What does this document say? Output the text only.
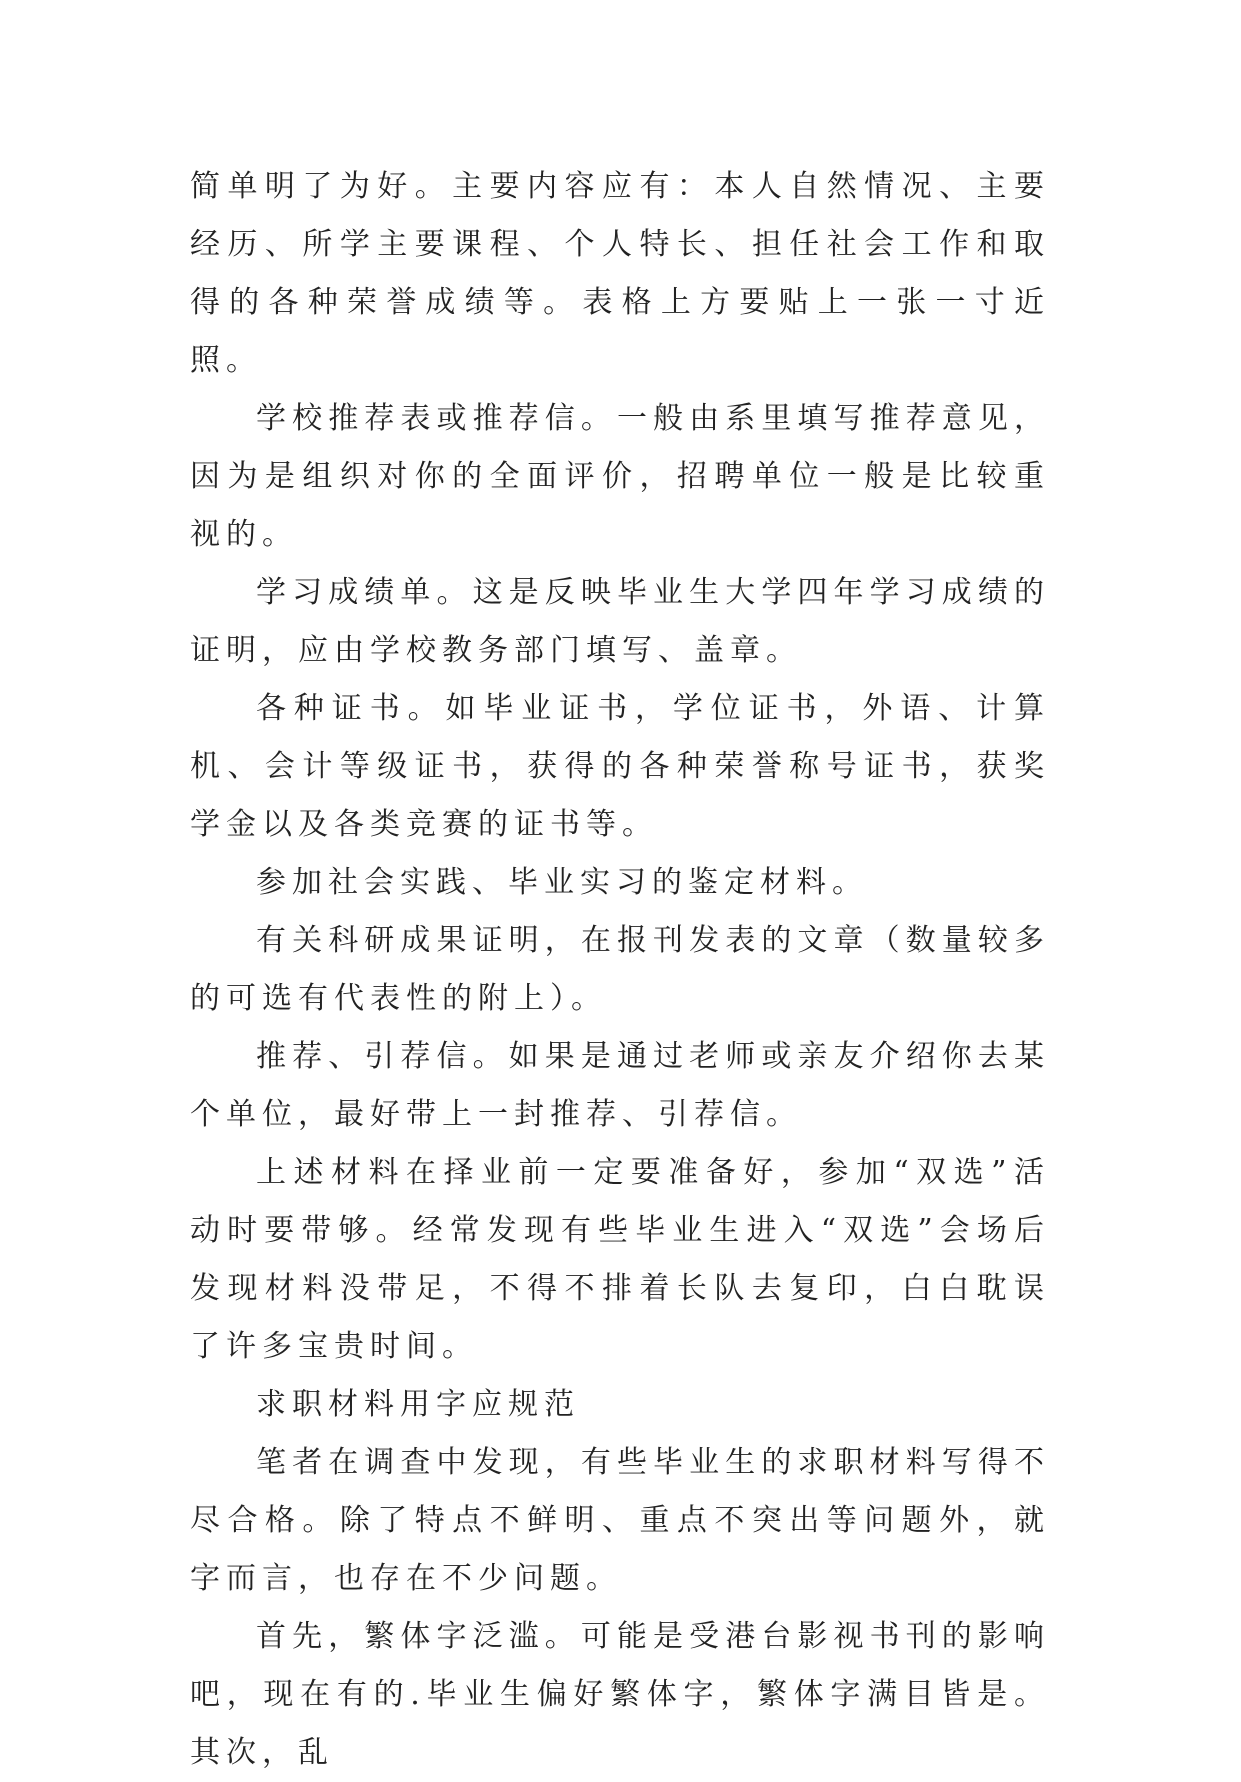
简单明了为好。主要内容应有：本人自然情况、主要经历、所学主要课程、个人特长、担任社会工作和取得的各种荣誉成绩等。表格上方要贴上一张一寸近照。

学校推荐表或推荐信。一般由系里填写推荐意见，因为是组织对你的全面评价，招聘单位一般是比较重视的。

学习成绩单。这是反映毕业生大学四年学习成绩的证明，应由学校教务部门填写、盖章。

各种证书。如毕业证书，学位证书，外语、计算机、会计等级证书，获得的各种荣誉称号证书，获奖学金以及各类竞赛的证书等。

参加社会实践、毕业实习的鉴定材料。

有关科研成果证明，在报刊发表的文章（数量较多的可选有代表性的附上）。

推荐、引荐信。如果是通过老师或亲友介绍你去某个单位，最好带上一封推荐、引荐信。

上述材料在择业前一定要准备好，参加“双选”活动时要带够。经常发现有些毕业生进入“双选”会场后发现材料没带足，不得不排着长队去复印，白白耽误了许多宝贵时间。

求职材料用字应规范

笔者在调查中发现，有些毕业生的求职材料写得不尽合格。除了特点不鲜明、重点不突出等问题外，就字而言，也存在不少问题。

首先，繁体字泛滥。可能是受港台影视书刊的影响吧，现在有的.毕业生偏好繁体字，繁体字满目皆是。其次，乱
